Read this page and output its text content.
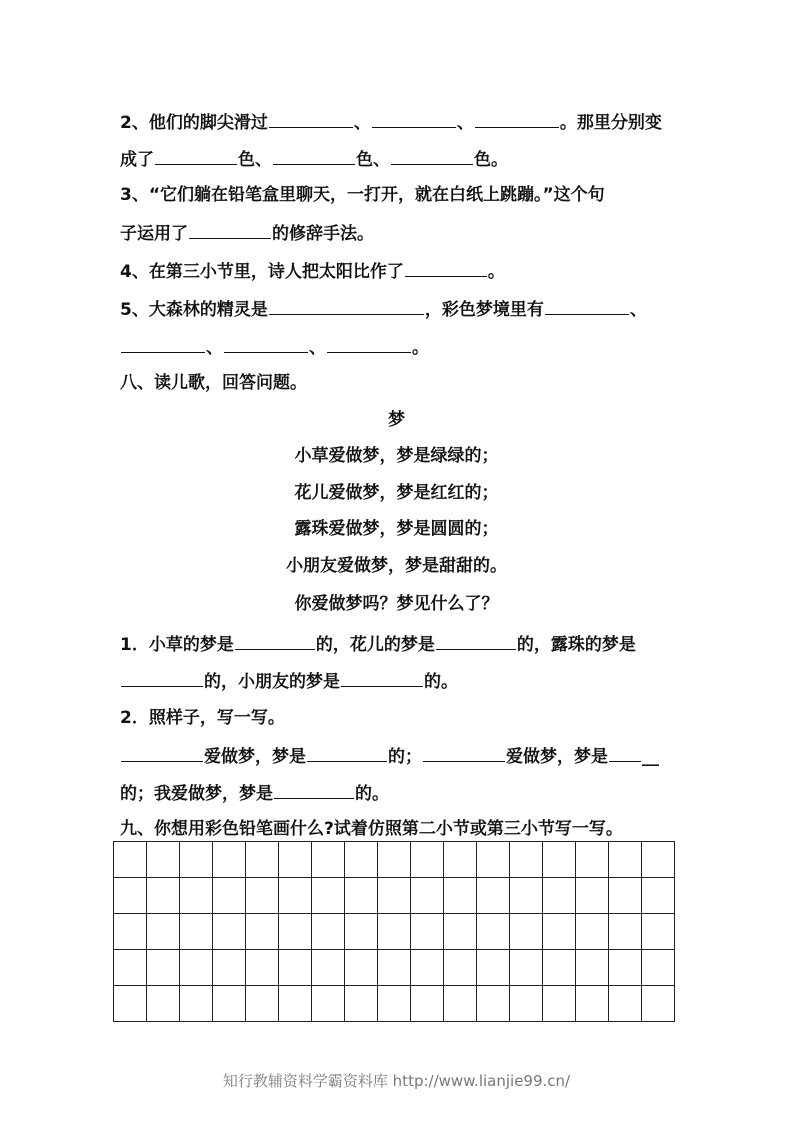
2、他们的脚尖滑过	、	、	。那里分别变
成了	色、	色、	色。
3、“它们躺在铅笔盒里聊天，一打开，就在白纸上跳蹦。”这个句
子运用了	的修辞手法。
4、在第三小节里，诗人把太阳比作了	。
5、大森林的精灵是	，彩色梦境里有	、
、	、	。
八、读儿歌，回答问题。
梦
小草爱做梦，梦是绿绿的；
花儿爱做梦，梦是红红的；
露珠爱做梦，梦是圆圆的；
小朋友爱做梦，梦是甜甜的。
你爱做梦吗？梦见什么了？
1．小草的梦是	的，花儿的梦是	的，露珠的梦是
的，小朋友的梦是	的。
2．照样子，写一写。
爱做梦，梦是	的；	爱做梦，梦是 __
的；我爱做梦，梦是	的。
九、你想用彩色铅笔画什么?试着仿照第二小节或第三小节写一写。

知行教辅资料学霸资料库 http://www.lianjie99.cn/
